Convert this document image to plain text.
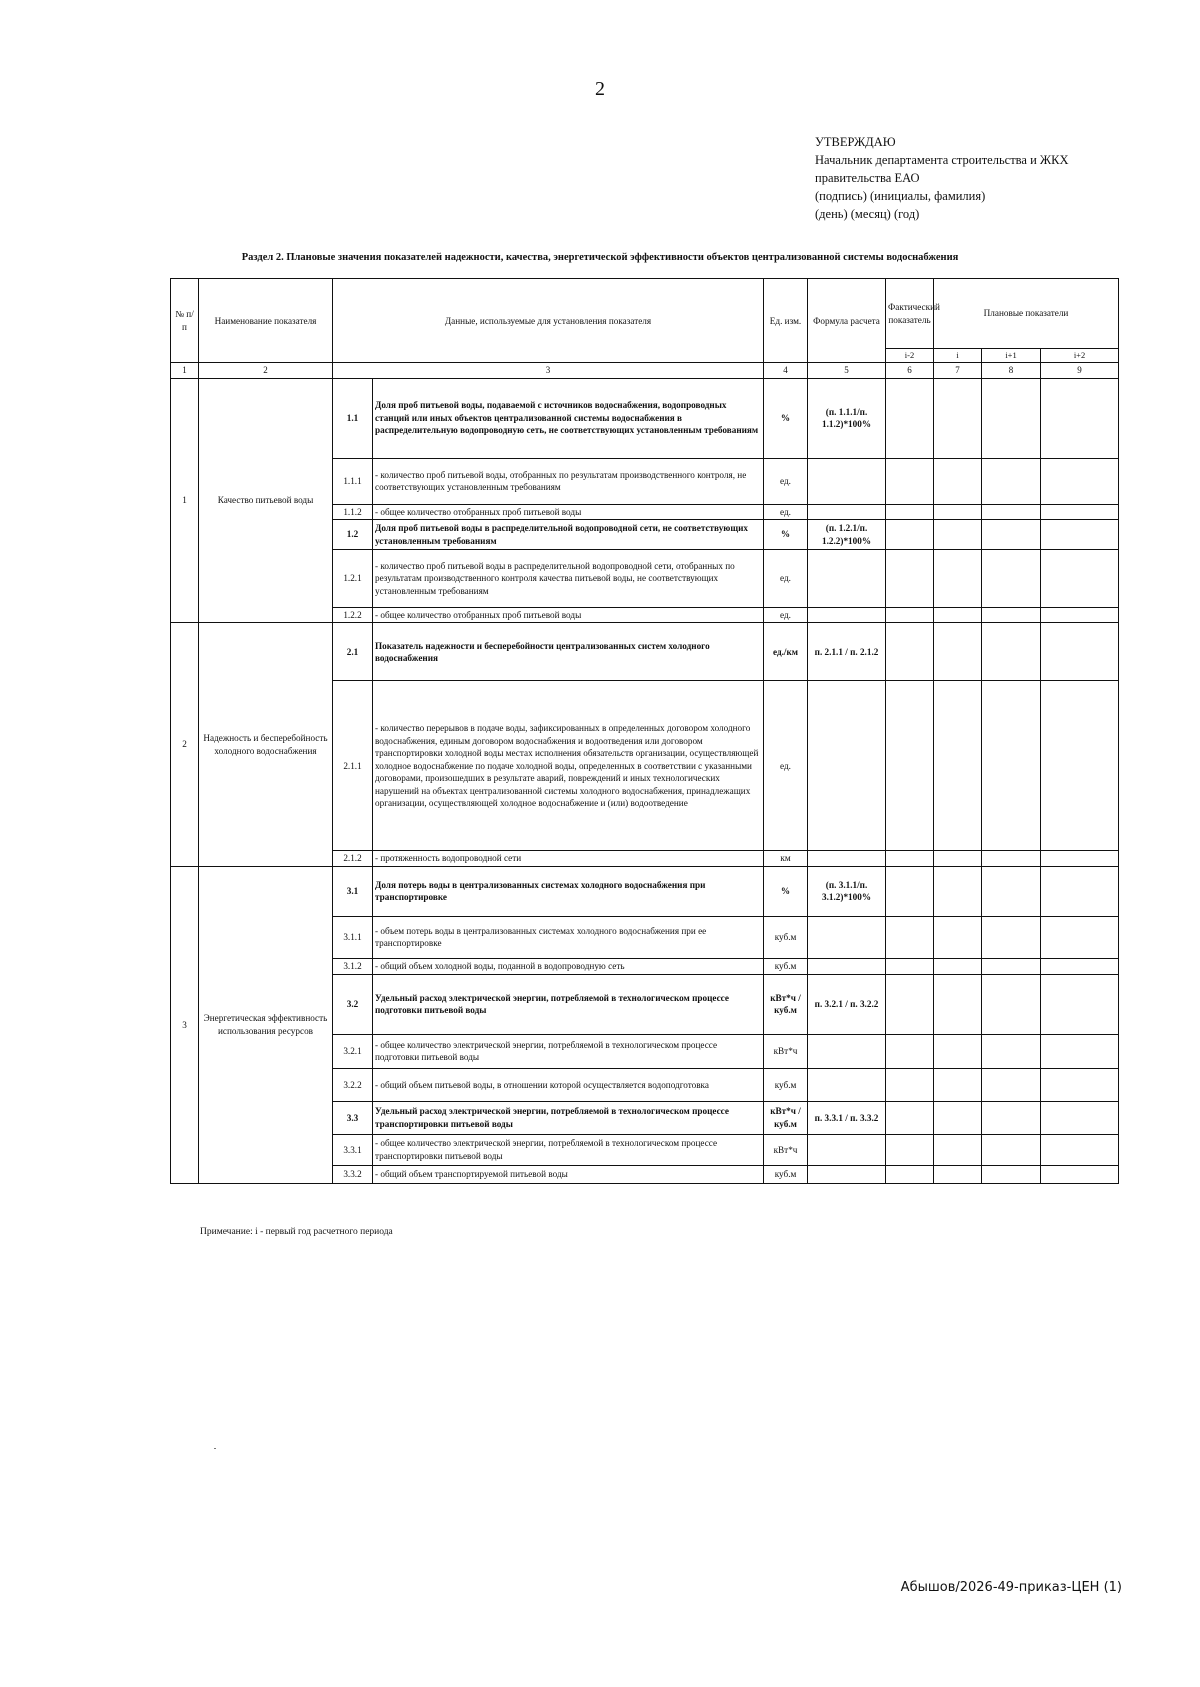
2
УТВЕРЖДАЮ
Начальник департамента строительства и ЖКХ
правительства ЕАО
(подпись) (инициалы, фамилия)
(день) (месяц) (год)
Раздел 2. Плановые значения показателей надежности, качества, энергетической эффективности объектов централизованной системы водоснабжения
№ п/п	Наименование показателя	Данные, используемые для установления показателя		Ед. изм.	Формула расчета	Фактический показатель	Плановые показатели		
						i-2	i	i+1	i+2
1	2	3		4	5	6	7	8	9
1	Качество питьевой воды	1.1	Доля проб питьевой воды, подаваемой с источников водоснабжения, водопроводных станций или иных объектов централизованной системы водоснабжения в распределительную водопроводную сеть, не соответствующих установленным требованиям	%	(п. 1.1.1/п. 1.1.2)*100%				
		1.1.1	- количество проб питьевой воды, отобранных по результатам производственного контроля, не соответствующих установленным требованиям	ед.					
		1.1.2	- общее количество отобранных проб питьевой воды	ед.					
		1.2	Доля проб питьевой воды в распределительной водопроводной сети, не соответствующих установленным требованиям	%	(п. 1.2.1/п. 1.2.2)*100%				
		1.2.1	- количество проб питьевой воды в распределительной водопроводной сети, отобранных по результатам производственного контроля качества питьевой воды, не соответствующих установленным требованиям	ед.					
		1.2.2	- общее количество отобранных проб питьевой воды	ед.					
2	Надежность и бесперебойность холодного водоснабжения	2.1	Показатель надежности и бесперебойности централизованных систем холодного водоснабжения	ед./км	п. 2.1.1 / п. 2.1.2				
		2.1.1	- количество перерывов в подаче воды, зафиксированных в определенных договором холодного водоснабжения, единым договором водоснабжения и водоотведения или договором транспортировки холодной воды местах исполнения обязательств организации, осуществляющей холодное водоснабжение по подаче холодной воды, определенных в соответствии с указанными договорами, произошедших в результате аварий, повреждений и иных технологических нарушений на объектах централизованной системы холодного водоснабжения, принадлежащих организации, осуществляющей холодное водоснабжение и (или) водоотведение	ед.					
		2.1.2	- протяженность водопроводной сети	км					
3	Энергетическая эффективность использования ресурсов	3.1	Доля потерь воды в централизованных системах холодного водоснабжения при транспортировке	%	(п. 3.1.1/п. 3.1.2)*100%				
		3.1.1	- объем потерь воды в централизованных системах холодного водоснабжения при ее транспортировке	куб.м					
		3.1.2	- общий объем холодной воды, поданной в водопроводную сеть	куб.м					
		3.2	Удельный расход электрической энергии, потребляемой в технологическом процессе подготовки питьевой воды	кВт*ч /куб.м	п. 3.2.1 / п. 3.2.2				
		3.2.1	- общее количество электрической энергии, потребляемой в технологическом процессе подготовки питьевой воды	кВт*ч					
		3.2.2	- общий объем питьевой воды, в отношении которой осуществляется водоподготовка	куб.м					
		3.3	Удельный расход электрической энергии, потребляемой в технологическом процессе транспортировки питьевой воды	кВт*ч /куб.м	п. 3.3.1 / п. 3.3.2				
		3.3.1	- общее количество электрической энергии, потребляемой в технологическом процессе транспортировки питьевой воды	кВт*ч					
		3.3.2	- общий объем транспортируемой питьевой воды	куб.м					
Примечание: i - первый год расчетного периода
Абышов/2026-49-приказ-ЦЕН (1)
